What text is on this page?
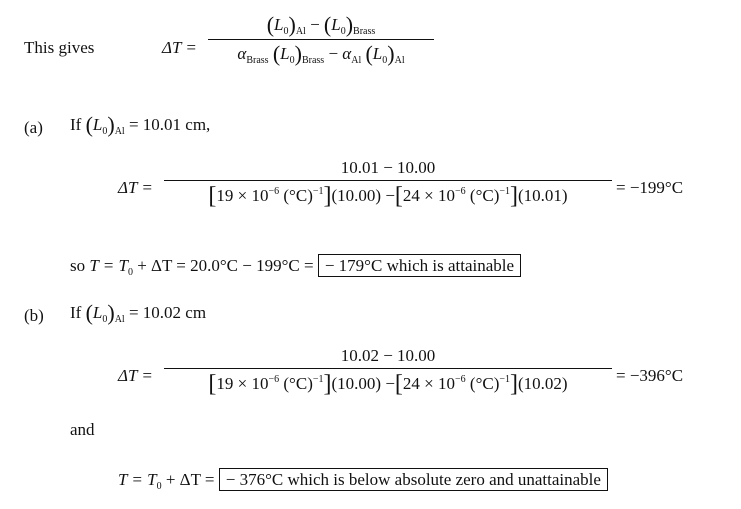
This gives	ΔT =
$(L_0)_{Al} - (L_0)_{Brass}$
$\alpha_{Brass}$ $(L_0)_{Brass} - \alpha_{Al}$ $(L_0)_{Al}$
(a) If $(L_0)_{Al} = 10.01$ cm,
ΔT =
10.01 − 10.00
[$19 \times 10^{-6}$ $(^\circ C)^{-1}](10.00) -[24 \times 10^{-6}$ $(^\circ C)^{-1}](10.01)$	= −199°C
so $T = T_0 + \Delta T = 20.0^\circ C - 199^\circ C$ = − 179°C which is attainable
(b) If $(L_0)_{Al} = 10.02$ cm
ΔT =
10.02 − 10.00
[$19 \times 10^{-6}$ $(^\circ C)^{-1}](10.00) -[24 \times 10^{-6}$ $(^\circ C)^{-1}](10.02)$	= −396°C
and
$T = T_0 + \Delta T$ = − 376°C which is below absolute zero and unattainable
